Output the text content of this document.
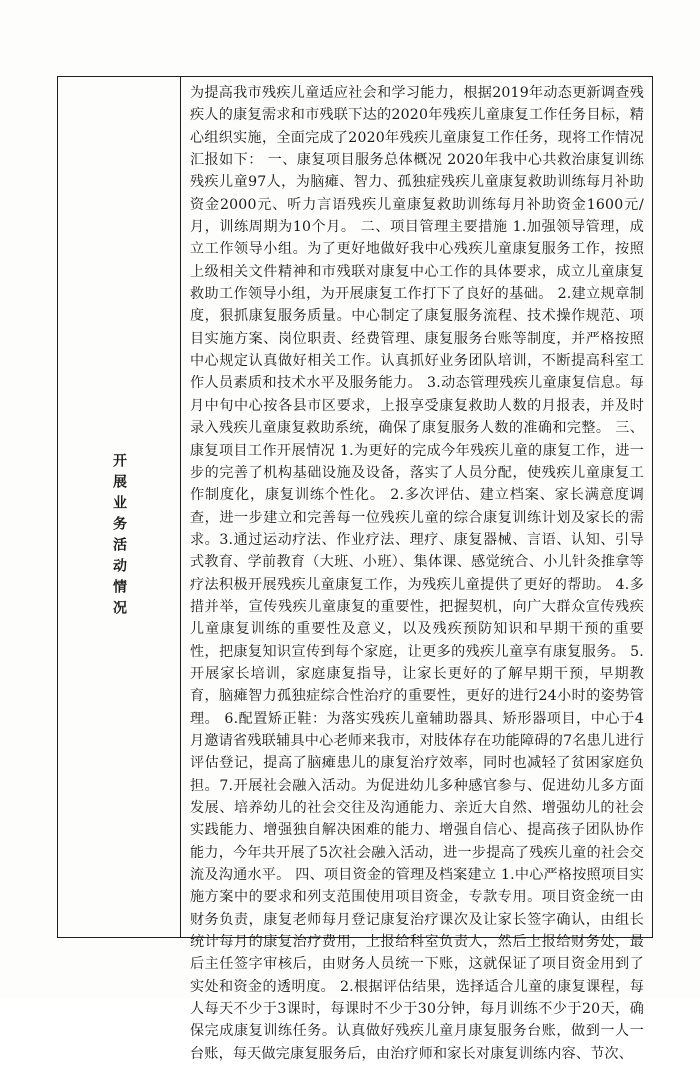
开展业务活动情况

为提高我市残疾儿童适应社会和学习能力，根据2019年动态更新调查残疾人的康复需求和市残联下达的2020年残疾儿童康复工作任务目标，精心组织实施，全面完成了2020年残疾儿童康复工作任务，现将工作情况汇报如下： 一、康复项目服务总体概况 2020年我中心共救治康复训练残疾儿童97人，为脑瘫、智力、孤独症残疾儿童康复救助训练每月补助资金2000元、听力言语残疾儿童康复救助训练每月补助资金1600元/月，训练周期为10个月。 二、项目管理主要措施 1.加强领导管理，成立工作领导小组。为了更好地做好我中心残疾儿童康复服务工作，按照上级相关文件精神和市残联对康复中心工作的具体要求，成立儿童康复救助工作领导小组，为开展康复工作打下了良好的基础。 2.建立规章制度，狠抓康复服务质量。中心制定了康复服务流程、技术操作规范、项目实施方案、岗位职责、经费管理、康复服务台账等制度，并严格按照中心规定认真做好相关工作。认真抓好业务团队培训，不断提高科室工作人员素质和技术水平及服务能力。 3.动态管理残疾儿童康复信息。每月中旬中心按各县市区要求，上报享受康复救助人数的月报表，并及时录入残疾儿童康复救助系统，确保了康复服务人数的准确和完整。 三、康复项目工作开展情况 1.为更好的完成今年残疾儿童的康复工作，进一步的完善了机构基础设施及设备，落实了人员分配，使残疾儿童康复工作制度化，康复训练个性化。 2.多次评估、建立档案、家长满意度调查，进一步建立和完善每一位残疾儿童的综合康复训练计划及家长的需求。3.通过运动疗法、作业疗法、理疗、康复器械、言语、认知、引导式教育、学前教育（大班、小班）、集体课、感觉统合、小儿针灸推拿等疗法积极开展残疾儿童康复工作，为残疾儿童提供了更好的帮助。 4.多措并举，宣传残疾儿童康复的重要性，把握契机，向广大群众宣传残疾儿童康复训练的重要性及意义，以及残疾预防知识和早期干预的重要性，把康复知识宣传到每个家庭，让更多的残疾儿童享有康复服务。 5.开展家长培训，家庭康复指导，让家长更好的了解早期干预，早期教育，脑瘫智力孤独症综合性治疗的重要性，更好的进行24小时的姿势管理。 6.配置矫正鞋：为落实残疾儿童辅助器具、矫形器项目，中心于4月邀请省残联辅具中心老师来我市，对肢体存在功能障碍的7名患儿进行评估登记，提高了脑瘫患儿的康复治疗效率，同时也减轻了贫困家庭负担。7.开展社会融入活动。为促进幼儿多种感官参与、促进幼儿多方面发展、培养幼儿的社会交往及沟通能力、亲近大自然、增强幼儿的社会实践能力、增强独自解决困难的能力、增强自信心、提高孩子团队协作能力，今年共开展了5次社会融入活动，进一步提高了残疾儿童的社会交流及沟通水平。 四、项目资金的管理及档案建立 1.中心严格按照项目实施方案中的要求和列支范围使用项目资金，专款专用。项目资金统一由财务负责，康复老师每月登记康复治疗课次及让家长签字确认，由组长统计每月的康复治疗费用，上报给科室负责人，然后上报给财务处，最后主任签字审核后，由财务人员统一下账，这就保证了项目资金用到了实处和资金的透明度。 2.根据评估结果，选择适合儿童的康复课程，每人每天不少于3课时，每课时不少于30分钟，每月训练不少于20天，确保完成康复训练任务。认真做好残疾儿童月康复服务台账，做到一人一台账，每天做完康复服务后，由治疗师和家长对康复训练内容、节次、
